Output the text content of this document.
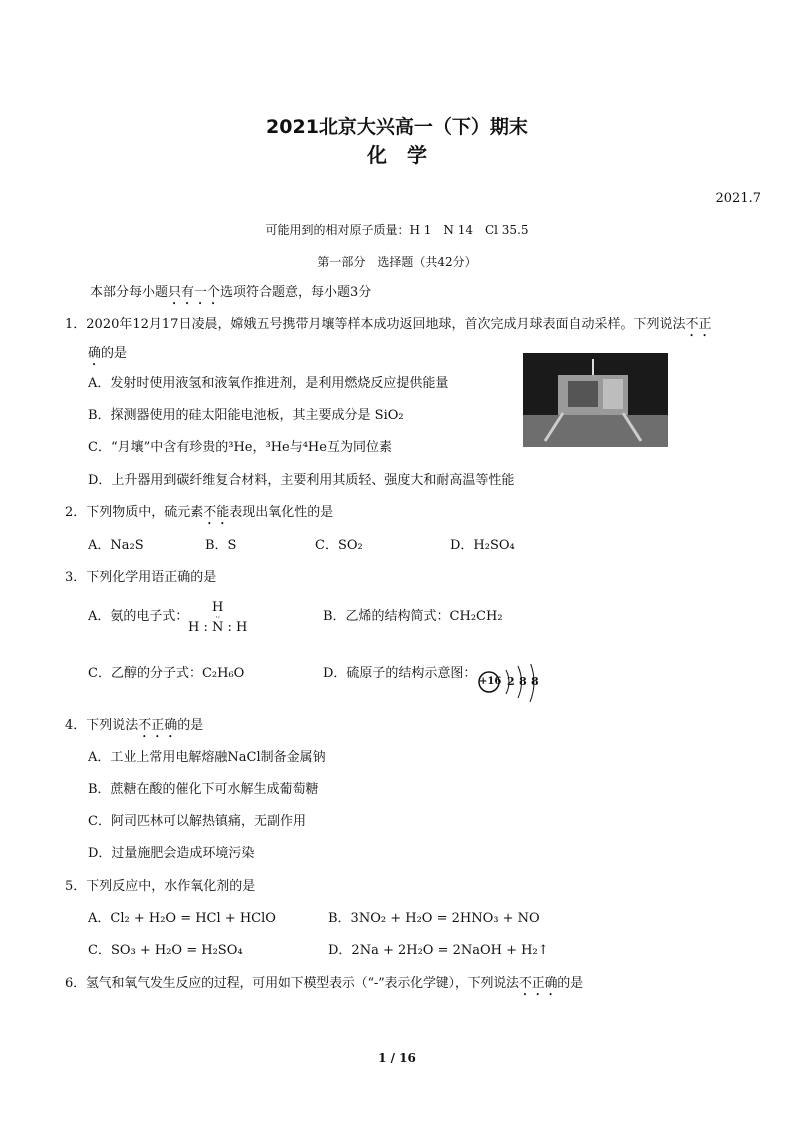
2021北京大兴高一（下）期末
化　学
2021.7
可能用到的相对原子质量：H 1　N 14　Cl 35.5
第一部分　选择题（共42分）
本部分每小题只有一个选项符合题意，每小题3分
1．2020年12月17日凌晨，嫦娥五号携带月壤等样本成功返回地球，首次完成月球表面自动采样。下列说法不正
确的是
A．发射时使用液氢和液氧作推进剂，是利用燃烧反应提供能量
B．探测器使用的硅太阳能电池板，其主要成分是 SiO₂
C．“月壤”中含有珍贵的³He，³He与⁴He互为同位素
D．上升器用到碳纤维复合材料，主要利用其质轻、强度大和耐高温等性能
2．下列物质中，硫元素不能表现出氧化性的是
A．Na₂S	B．S	C．SO₂	D．H₂SO₄
3．下列化学用语正确的是
A．氨的电子式：
H
··
H : N : H
B．乙烯的结构简式：CH₂CH₂
C．乙醇的分子式：C₂H₆O	D．硫原子的结构示意图：
+16 2 8 8
4．下列说法不正确的是
A．工业上常用电解熔融NaCl制备金属钠
B．蔗糖在酸的催化下可水解生成葡萄糖
C．阿司匹林可以解热镇痛，无副作用
D．过量施肥会造成环境污染
5．下列反应中，水作氧化剂的是
A．Cl₂ + H₂O = HCl + HClO	B．3NO₂ + H₂O = 2HNO₃ + NO
C．SO₃ + H₂O = H₂SO₄	D．2Na + 2H₂O = 2NaOH + H₂↑
6．氢气和氧气发生反应的过程，可用如下模型表示（“-”表示化学键），下列说法不正确的是
1 / 16
